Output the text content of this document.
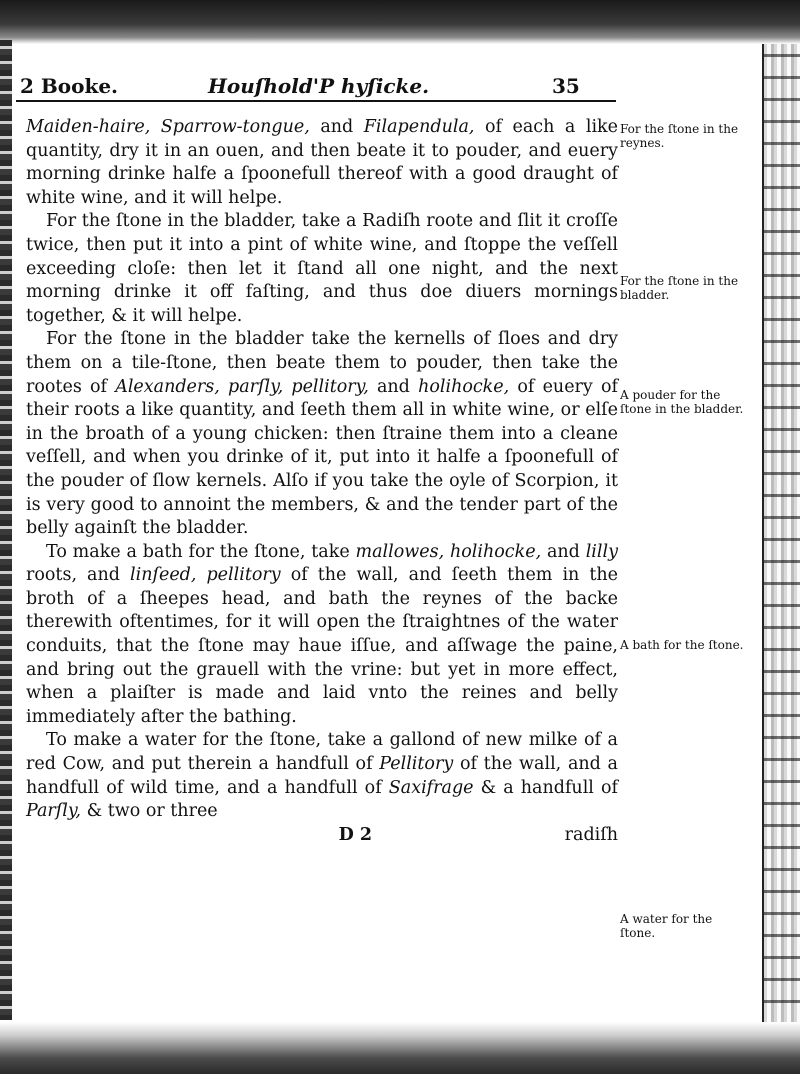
2 Booke.	Houſhold'P hyſicke.	35

Maiden-haire, Sparrow-tongue, and Filapendula, of each a like quantity, dry it in an ouen, and then beate it to pouder, and euery morning drinke halfe a ſpoonefull thereof with a good draught of white wine, and it will helpe.

For the ſtone in the bladder, take a Radiſh roote and ſlit it croſſe twice, then put it into a pint of white wine, and ſtoppe the veſſell exceeding cloſe: then let it ſtand all one night, and the next morning drinke it off faſting, and thus doe diuers mornings together, & it will helpe.

For the ſtone in the bladder take the kernells of ſloes and dry them on a tile-ſtone, then beate them to pouder, then take the rootes of Alexanders, parſly, pellitory, and holihocke, of euery of their roots a like quantity, and ſeeth them all in white wine, or elſe in the broath of a young chicken: then ſtraine them into a cleane veſſell, and when you drinke of it, put into it halfe a ſpoonefull of the pouder of ſlow kernels. Alſo if you take the oyle of Scorpion, it is very good to annoint the members, & and the tender part of the belly againſt the bladder.

To make a bath for the ſtone, take mallowes, holihocke, and lilly roots, and linſeed, pellitory of the wall, and ſeeth them in the broth of a ſheepes head, and bath the reynes of the backe therewith oftentimes, for it will open the ſtraightnes of the water conduits, that the ſtone may haue iſſue, and aſſwage the paine, and bring out the grauell with the vrine: but yet in more effect, when a plaiſter is made and laid vnto the reines and belly immediately after the bathing.

To make a water for the ſtone, take a gallond of new milke of a red Cow, and put therein a handfull of Pellitory of the wall, and a handfull of wild time, and a handfull of Saxifrage & a handfull of Parſly, & two or three

D 2	radiſh
For the ſtone in the reynes.
For the ſtone in the bladder.
A pouder for the ſtone in the bladder.
A bath for the ſtone.
A water for the ſtone.
